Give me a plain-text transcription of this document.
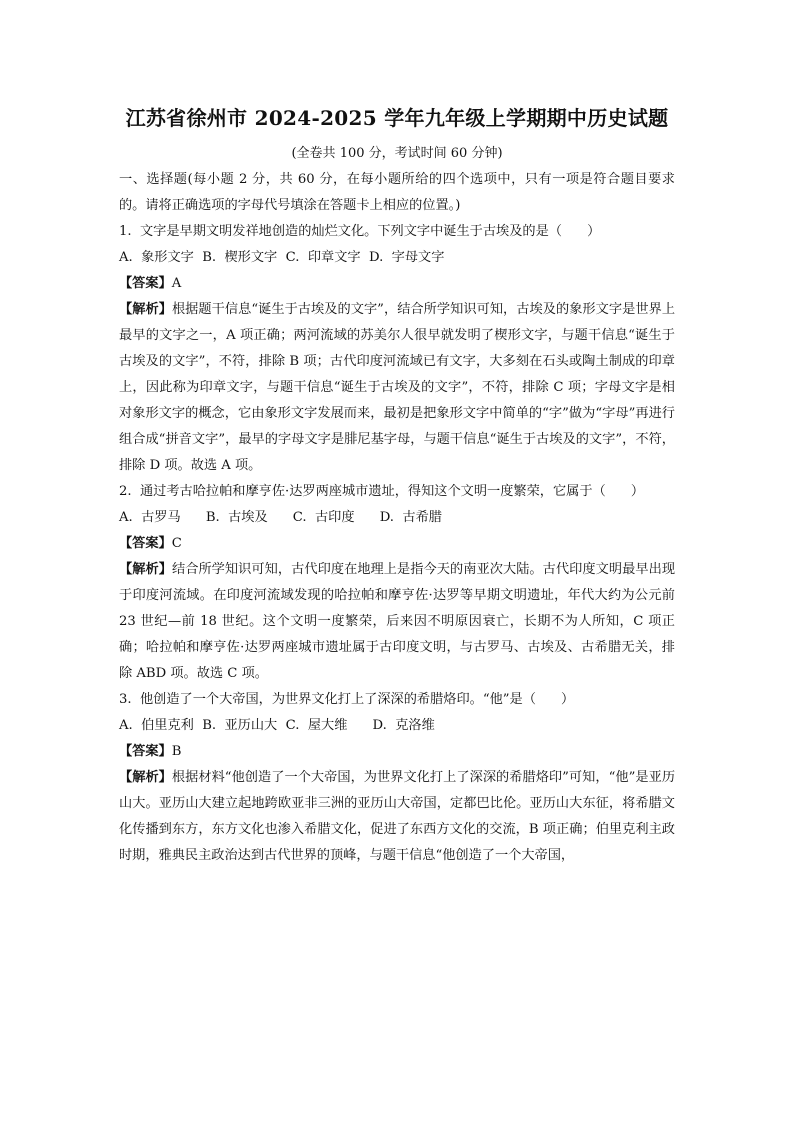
江苏省徐州市 2024-2025 学年九年级上学期期中历史试题
(全卷共 100 分，考试时间 60 分钟)

一、选择题(每小题 2 分，共 60 分，在每小题所给的四个选项中，只有一项是符合题目要求的。请将正确选项的字母代号填涂在答题卡上相应的位置。)

1.  文字是早期文明发祥地创造的灿烂文化。下列文字中诞生于古埃及的是（      ）

A.  象形文字  B.  楔形文字  C.  印章文字  D.  字母文字

【答案】A

【解析】根据题干信息“诞生于古埃及的文字”，结合所学知识可知，古埃及的象形文字是世界上最早的文字之一，A 项正确；两河流域的苏美尔人很早就发明了楔形文字，与题干信息“诞生于古埃及的文字”，不符，排除 B 项；古代印度河流域已有文字，大多刻在石头或陶土制成的印章上，因此称为印章文字，与题干信息“诞生于古埃及的文字”，不符，排除 C 项；字母文字是相对象形文字的概念，它由象形文字发展而来，最初是把象形文字中简单的“字”做为“字母”再进行组合成“拼音文字”，最早的字母文字是腓尼基字母，与题干信息“诞生于古埃及的文字”，不符，排除 D 项。故选 A 项。

2.  通过考古哈拉帕和摩亨佐·达罗两座城市遗址，得知这个文明一度繁荣，它属于（      ）

A.  古罗马      B.  古埃及      C.  古印度      D.  古希腊

【答案】C

【解析】结合所学知识可知，古代印度在地理上是指今天的南亚次大陆。古代印度文明最早出现于印度河流域。在印度河流域发现的哈拉帕和摩亨佐·达罗等早期文明遗址，年代大约为公元前 23 世纪—前 18 世纪。这个文明一度繁荣，后来因不明原因衰亡，长期不为人所知，C 项正确；哈拉帕和摩亨佐·达罗两座城市遗址属于古印度文明，与古罗马、古埃及、古希腊无关，排除 ABD 项。故选 C 项。

3.  他创造了一个大帝国，为世界文化打上了深深的希腊烙印。“他”是（      ）

A.  伯里克利  B.  亚历山大  C.  屋大维      D.  克洛维

【答案】B

【解析】根据材料“他创造了一个大帝国，为世界文化打上了深深的希腊烙印”可知，“他”是亚历山大。亚历山大建立起地跨欧亚非三洲的亚历山大帝国，定都巴比伦。亚历山大东征，将希腊文化传播到东方，东方文化也渗入希腊文化，促进了东西方文化的交流，B 项正确；伯里克利主政时期，雅典民主政治达到古代世界的顶峰，与题干信息“他创造了一个大帝国，
